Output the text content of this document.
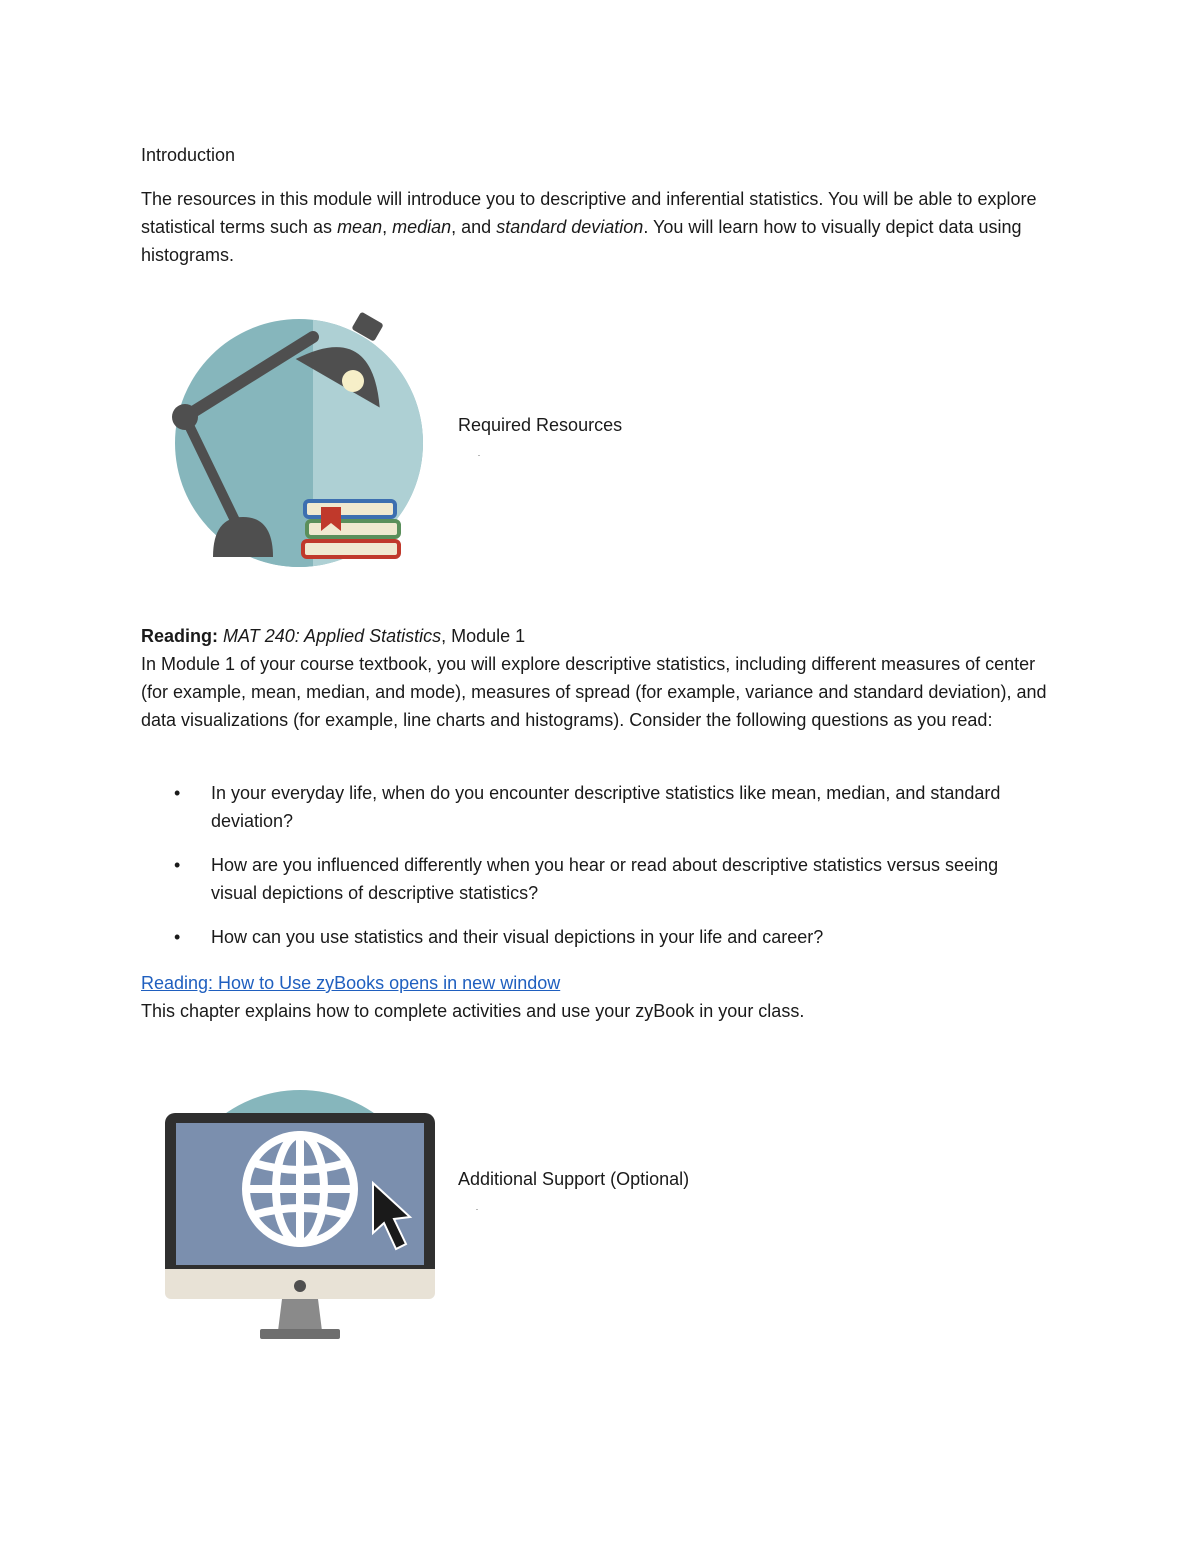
Introduction
The resources in this module will introduce you to descriptive and inferential statistics. You will be able to explore statistical terms such as mean, median, and standard deviation. You will learn how to visually depict data using histograms.
Required Resources
Reading: MAT 240: Applied Statistics, Module 1
In Module 1 of your course textbook, you will explore descriptive statistics, including different measures of center (for example, mean, median, and mode), measures of spread (for example, variance and standard deviation), and data visualizations (for example, line charts and histograms). Consider the following questions as you read:
• In your everyday life, when do you encounter descriptive statistics like mean, median, and standard deviation?
• How are you influenced differently when you hear or read about descriptive statistics versus seeing visual depictions of descriptive statistics?
• How can you use statistics and their visual depictions in your life and career?
Reading: How to Use zyBooks opens in new window
This chapter explains how to complete activities and use your zyBook in your class.
Additional Support (Optional)
